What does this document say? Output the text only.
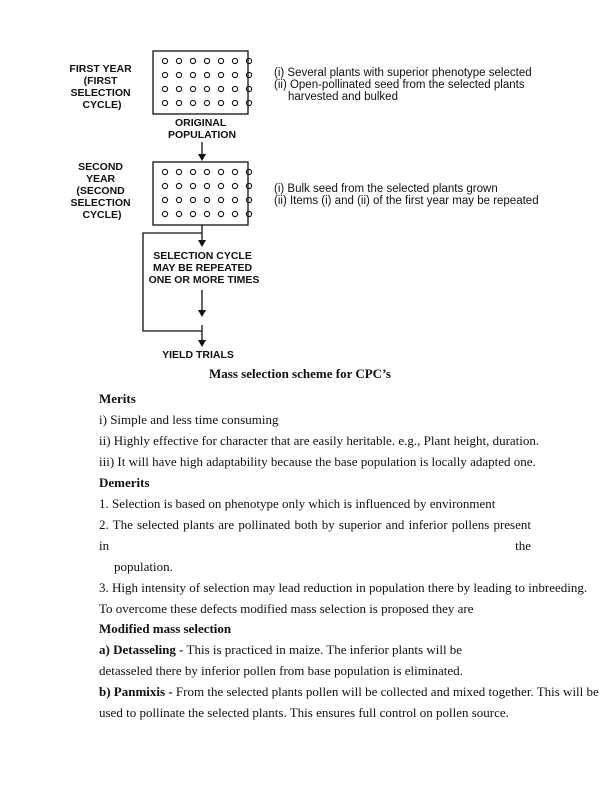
FIRST YEAR (FIRST SELECTION CYCLE)
ORIGINAL POPULATION
(i) Several plants with superior phenotype selected (ii) Open-pollinated seed from the selected plants harvested and bulked
SECOND YEAR (SECOND SELECTION CYCLE)
(i) Bulk seed from the selected plants grown (ii) Items (i) and (ii) of the first year may be repeated
SELECTION CYCLE MAY BE REPEATED ONE OR MORE TIMES
YIELD TRIALS
Mass selection scheme for CPC’s
Merits
i) Simple and less time consuming
ii) Highly effective for character that are easily heritable. e.g., Plant height, duration.
iii) It will have high adaptability because the base population is locally adapted one.
Demerits
1. Selection is based on phenotype only which is influenced by environment
2. The selected plants are pollinated both by superior and inferior pollens present in the
population.
3. High intensity of selection may lead reduction in population there by leading to inbreeding.
To overcome these defects modified mass selection is proposed they are
Modified mass selection
a) Detasseling - This is practiced in maize. The inferior plants will be
detasseled there by inferior pollen from base population is eliminated.
b) Panmixis - From the selected plants pollen will be collected and mixed together. This will be
used to pollinate the selected plants. This ensures full control on pollen source.
